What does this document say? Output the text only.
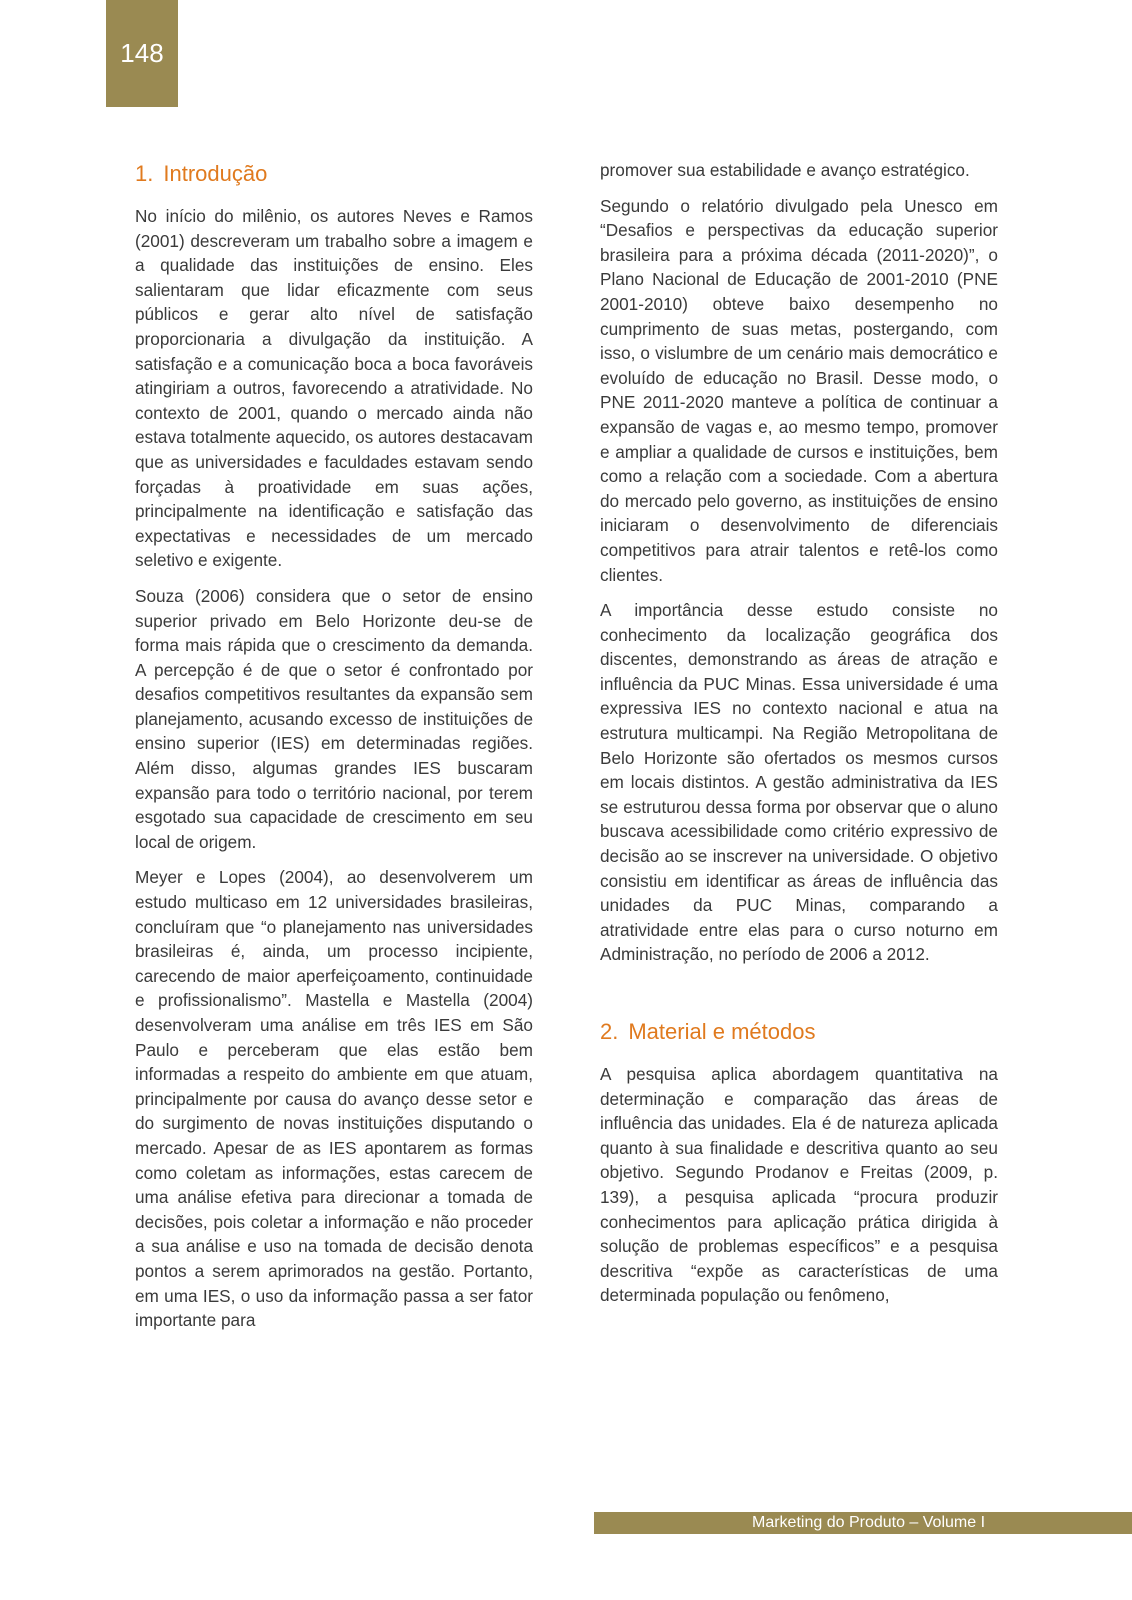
148
1. Introdução

No início do milênio, os autores Neves e Ramos (2001) descreveram um trabalho sobre a imagem e a qualidade das instituições de ensino. Eles salientaram que lidar eficazmente com seus públicos e gerar alto nível de satisfação proporcionaria a divulgação da instituição. A satisfação e a comunicação boca a boca favoráveis atingiriam a outros, favorecendo a atratividade. No contexto de 2001, quando o mercado ainda não estava totalmente aquecido, os autores destacavam que as universidades e faculdades estavam sendo forçadas à proatividade em suas ações, principalmente na identificação e satisfação das expectativas e necessidades de um mercado seletivo e exigente.

Souza (2006) considera que o setor de ensino superior privado em Belo Horizonte deu-se de forma mais rápida que o crescimento da demanda. A percepção é de que o setor é confrontado por desafios competitivos resultantes da expansão sem planejamento, acusando excesso de instituições de ensino superior (IES) em determinadas regiões. Além disso, algumas grandes IES buscaram expansão para todo o território nacional, por terem esgotado sua capacidade de crescimento em seu local de origem.

Meyer e Lopes (2004), ao desenvolverem um estudo multicaso em 12 universidades brasileiras, concluíram que “o planejamento nas universidades brasileiras é, ainda, um processo incipiente, carecendo de maior aperfeiçoamento, continuidade e profissionalismo”. Mastella e Mastella (2004) desenvolveram uma análise em três IES em São Paulo e perceberam que elas estão bem informadas a respeito do ambiente em que atuam, principalmente por causa do avanço desse setor e do surgimento de novas instituições disputando o mercado. Apesar de as IES apontarem as formas como coletam as informações, estas carecem de uma análise efetiva para direcionar a tomada de decisões, pois coletar a informação e não proceder a sua análise e uso na tomada de decisão denota pontos a serem aprimorados na gestão. Portanto, em uma IES, o uso da informação passa a ser fator importante para

promover sua estabilidade e avanço estratégico.

Segundo o relatório divulgado pela Unesco em “Desafios e perspectivas da educação superior brasileira para a próxima década (2011-2020)”, o Plano Nacional de Educação de 2001-2010 (PNE 2001-2010) obteve baixo desempenho no cumprimento de suas metas, postergando, com isso, o vislumbre de um cenário mais democrático e evoluído de educação no Brasil. Desse modo, o PNE 2011-2020 manteve a política de continuar a expansão de vagas e, ao mesmo tempo, promover e ampliar a qualidade de cursos e instituições, bem como a relação com a sociedade. Com a abertura do mercado pelo governo, as instituições de ensino iniciaram o desenvolvimento de diferenciais competitivos para atrair talentos e retê-los como clientes.

A importância desse estudo consiste no conhecimento da localização geográfica dos discentes, demonstrando as áreas de atração e influência da PUC Minas. Essa universidade é uma expressiva IES no contexto nacional e atua na estrutura multicampi. Na Região Metropolitana de Belo Horizonte são ofertados os mesmos cursos em locais distintos. A gestão administrativa da IES se estruturou dessa forma por observar que o aluno buscava acessibilidade como critério expressivo de decisão ao se inscrever na universidade. O objetivo consistiu em identificar as áreas de influência das unidades da PUC Minas, comparando a atratividade entre elas para o curso noturno em Administração, no período de 2006 a 2012.

2. Material e métodos

A pesquisa aplica abordagem quantitativa na determinação e comparação das áreas de influência das unidades. Ela é de natureza aplicada quanto à sua finalidade e descritiva quanto ao seu objetivo. Segundo Prodanov e Freitas (2009, p. 139), a pesquisa aplicada “procura produzir conhecimentos para aplicação prática dirigida à solução de problemas específicos” e a pesquisa descritiva “expõe as características de uma determinada população ou fenômeno,

Marketing do Produto – Volume I
